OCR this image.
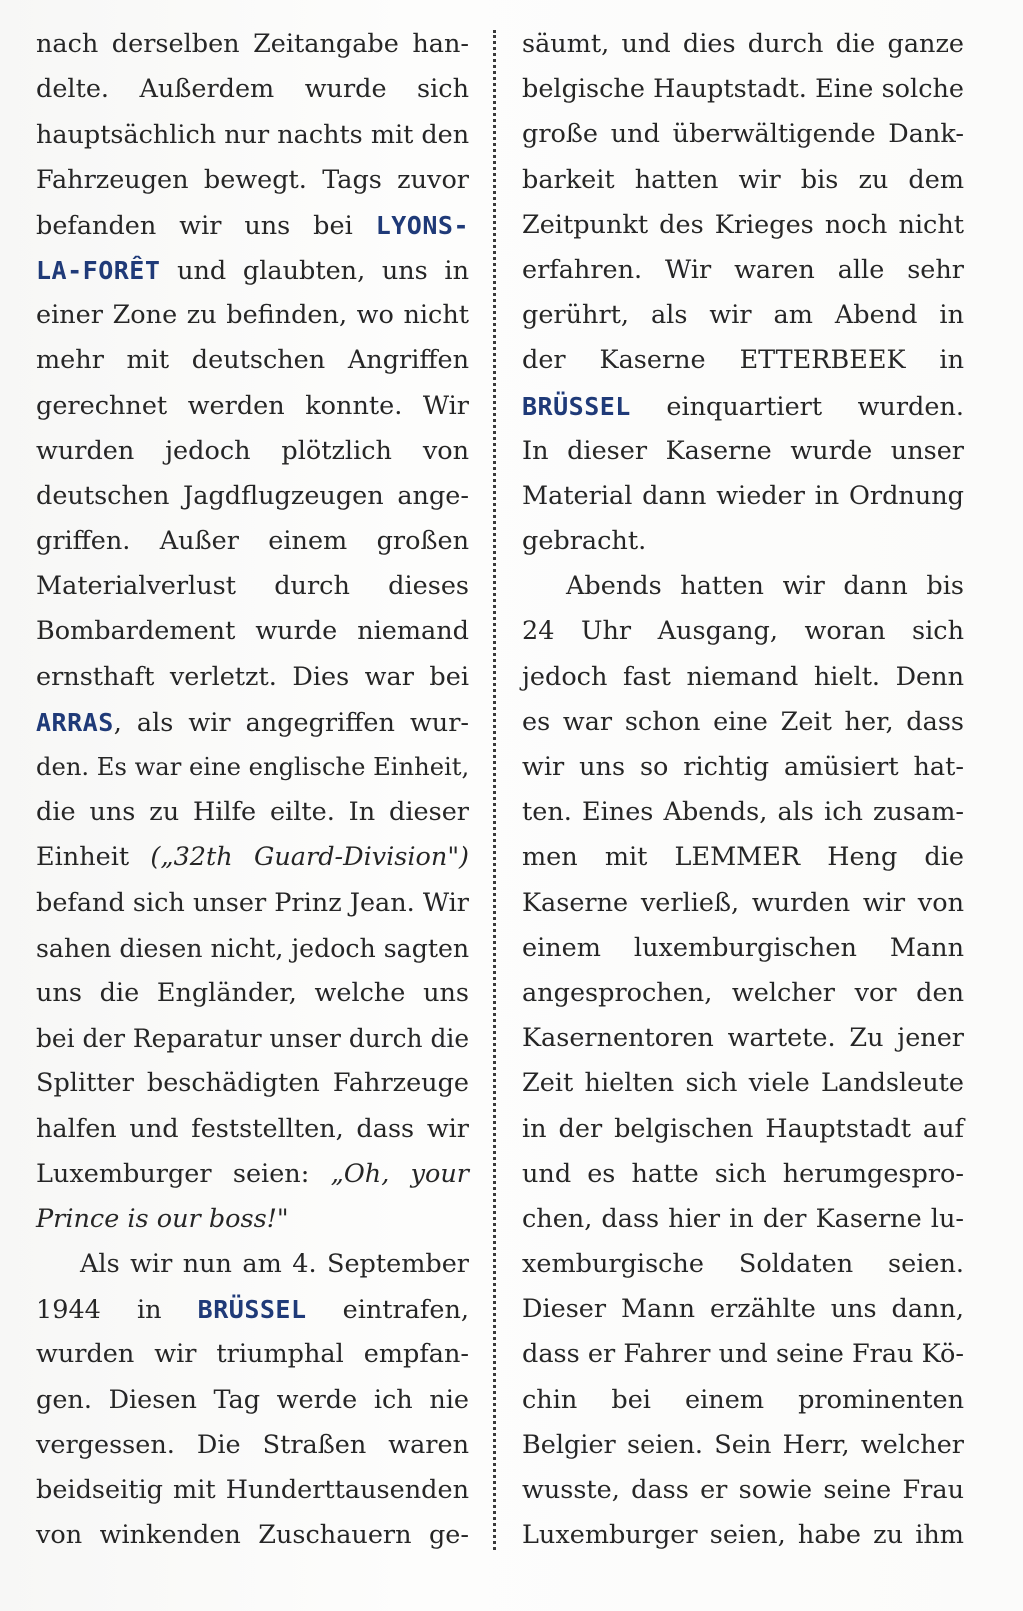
nach derselben Zeitangabe han-
delte. Außerdem wurde sich
hauptsächlich nur nachts mit den
Fahrzeugen bewegt. Tags zuvor
befanden wir uns bei LYONS-
LA-FORÊT und glaubten, uns in
einer Zone zu befinden, wo nicht
mehr mit deutschen Angriffen
gerechnet werden konnte. Wir
wurden jedoch plötzlich von
deutschen Jagdflugzeugen ange-
griffen. Außer einem großen
Materialverlust durch dieses
Bombardement wurde niemand
ernsthaft verletzt. Dies war bei
ARRAS, als wir angegriffen wur-
den. Es war eine englische Einheit,
die uns zu Hilfe eilte. In dieser
Einheit („32th Guard-Division")
befand sich unser Prinz Jean. Wir
sahen diesen nicht, jedoch sagten
uns die Engländer, welche uns
bei der Reparatur unser durch die
Splitter beschädigten Fahrzeuge
halfen und feststellten, dass wir
Luxemburger seien: „Oh, your
Prince is our boss!"
Als wir nun am 4. September
1944 in BRÜSSEL eintrafen,
wurden wir triumphal empfan-
gen. Diesen Tag werde ich nie
vergessen. Die Straßen waren
beidseitig mit Hunderttausenden
von winkenden Zuschauern ge-
säumt, und dies durch die ganze
belgische Hauptstadt. Eine solche
große und überwältigende Dank-
barkeit hatten wir bis zu dem
Zeitpunkt des Krieges noch nicht
erfahren. Wir waren alle sehr
gerührt, als wir am Abend in
der Kaserne ETTERBEEK in
BRÜSSEL einquartiert wurden.
In dieser Kaserne wurde unser
Material dann wieder in Ordnung
gebracht.
Abends hatten wir dann bis
24 Uhr Ausgang, woran sich
jedoch fast niemand hielt. Denn
es war schon eine Zeit her, dass
wir uns so richtig amüsiert hat-
ten. Eines Abends, als ich zusam-
men mit LEMMER Heng die
Kaserne verließ, wurden wir von
einem luxemburgischen Mann
angesprochen, welcher vor den
Kasernentoren wartete. Zu jener
Zeit hielten sich viele Landsleute
in der belgischen Hauptstadt auf
und es hatte sich herumgespro-
chen, dass hier in der Kaserne lu-
xemburgische Soldaten seien.
Dieser Mann erzählte uns dann,
dass er Fahrer und seine Frau Kö-
chin bei einem prominenten
Belgier seien. Sein Herr, welcher
wusste, dass er sowie seine Frau
Luxemburger seien, habe zu ihm
